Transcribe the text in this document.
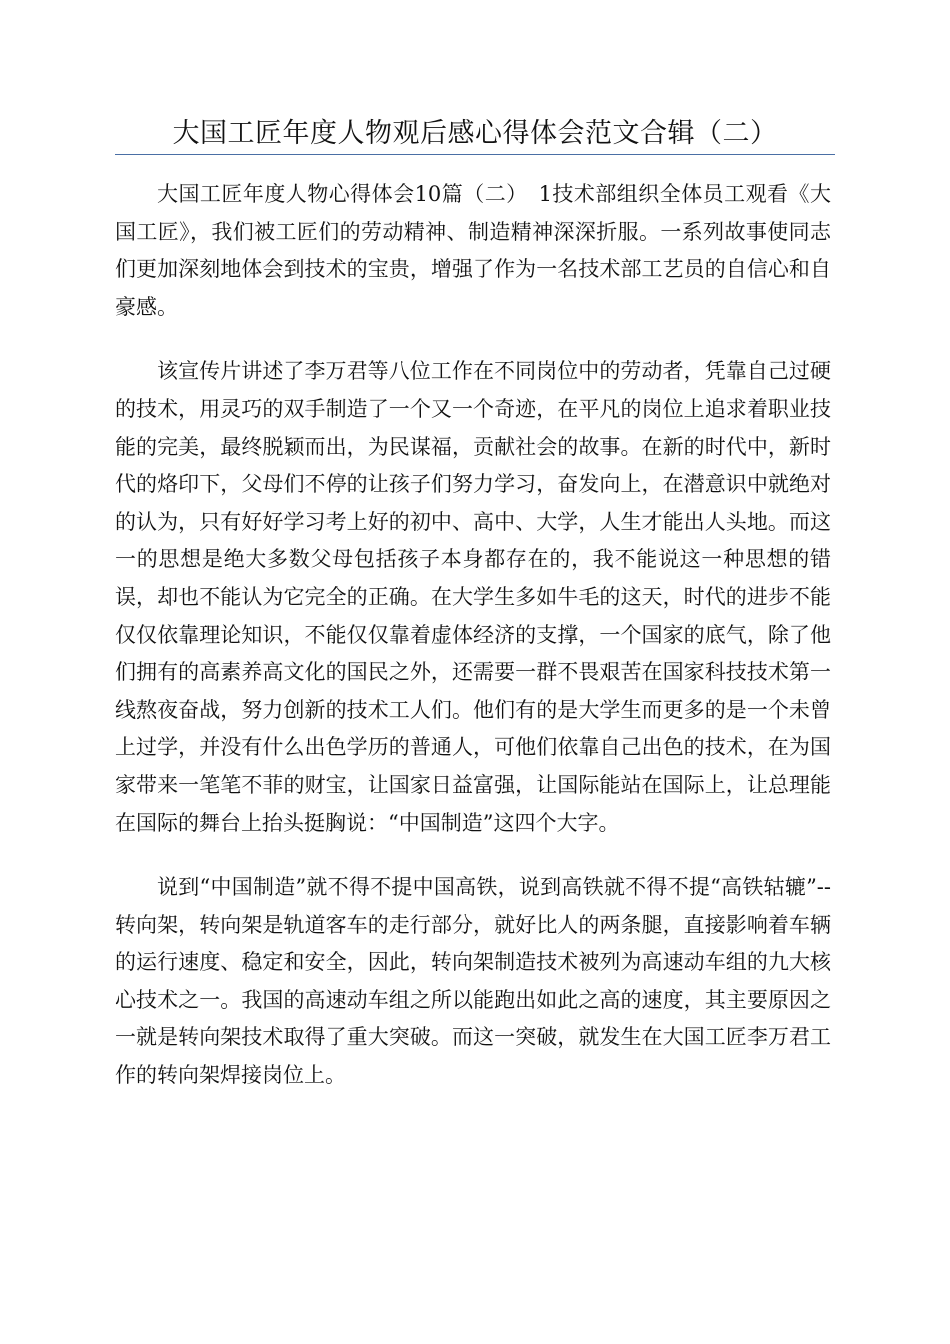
大国工匠年度人物观后感心得体会范文合辑（二）

大国工匠年度人物心得体会10篇（二）　1技术部组织全体员工观看《大国工匠》，我们被工匠们的劳动精神、制造精神深深折服。一系列故事使同志们更加深刻地体会到技术的宝贵，增强了作为一名技术部工艺员的自信心和自豪感。

该宣传片讲述了李万君等八位工作在不同岗位中的劳动者，凭靠自己过硬的技术，用灵巧的双手制造了一个又一个奇迹，在平凡的岗位上追求着职业技能的完美，最终脱颖而出，为民谋福，贡献社会的故事。在新的时代中，新时代的烙印下，父母们不停的让孩子们努力学习，奋发向上，在潜意识中就绝对的认为，只有好好学习考上好的初中、高中、大学，人生才能出人头地。而这一的思想是绝大多数父母包括孩子本身都存在的，我不能说这一种思想的错误，却也不能认为它完全的正确。在大学生多如牛毛的这天，时代的进步不能仅仅依靠理论知识，不能仅仅靠着虚体经济的支撑，一个国家的底气，除了他们拥有的高素养高文化的国民之外，还需要一群不畏艰苦在国家科技技术第一线熬夜奋战，努力创新的技术工人们。他们有的是大学生而更多的是一个未曾上过学，并没有什么出色学历的普通人，可他们依靠自己出色的技术，在为国家带来一笔笔不菲的财宝，让国家日益富强，让国际能站在国际上，让总理能在国际的舞台上抬头挺胸说：“中国制造”这四个大字。

说到“中国制造”就不得不提中国高铁，说到高铁就不得不提“高铁轱辘”--转向架，转向架是轨道客车的走行部分，就好比人的两条腿，直接影响着车辆的运行速度、稳定和安全，因此，转向架制造技术被列为高速动车组的九大核心技术之一。我国的高速动车组之所以能跑出如此之高的速度，其主要原因之一就是转向架技术取得了重大突破。而这一突破，就发生在大国工匠李万君工作的转向架焊接岗位上。
